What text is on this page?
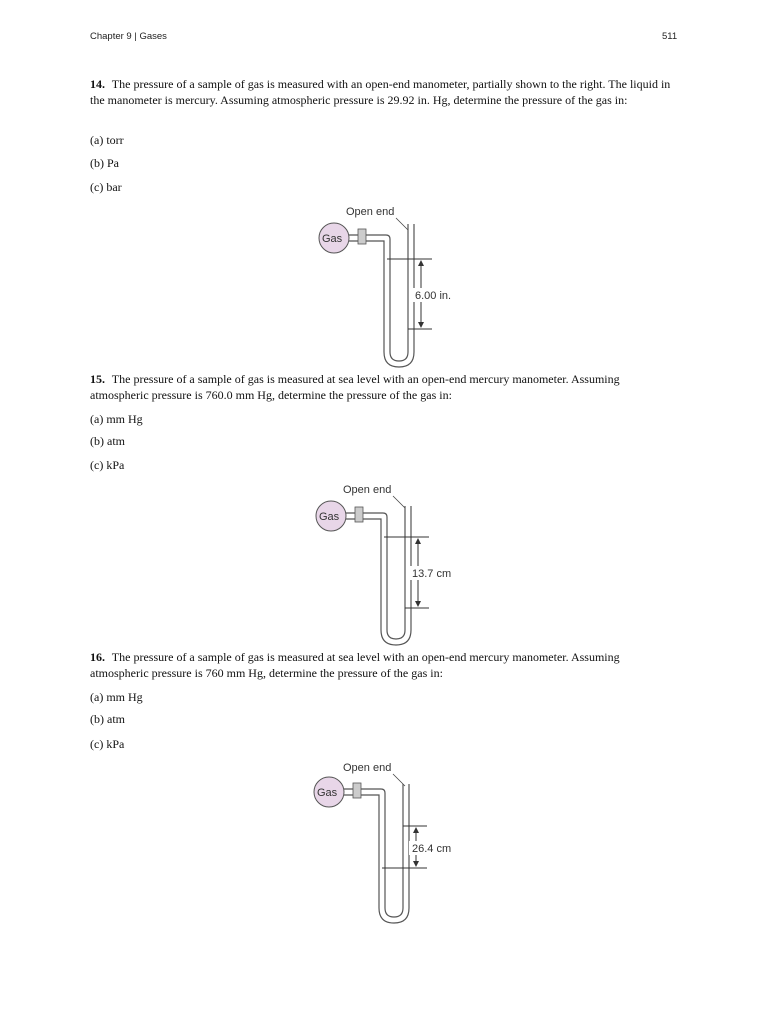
Chapter 9 | Gases	511
14. The pressure of a sample of gas is measured with an open-end manometer, partially shown to the right. The liquid in the manometer is mercury. Assuming atmospheric pressure is 29.92 in. Hg, determine the pressure of the gas in:
(a) torr
(b) Pa
(c) bar
Open end
Gas
6.00 in.
15. The pressure of a sample of gas is measured at sea level with an open-end mercury manometer. Assuming atmospheric pressure is 760.0 mm Hg, determine the pressure of the gas in:
(a) mm Hg
(b) atm
(c) kPa
Open end
Gas
13.7 cm
16. The pressure of a sample of gas is measured at sea level with an open-end mercury manometer. Assuming atmospheric pressure is 760 mm Hg, determine the pressure of the gas in:
(a) mm Hg
(b) atm
(c) kPa
Open end
Gas
26.4 cm
